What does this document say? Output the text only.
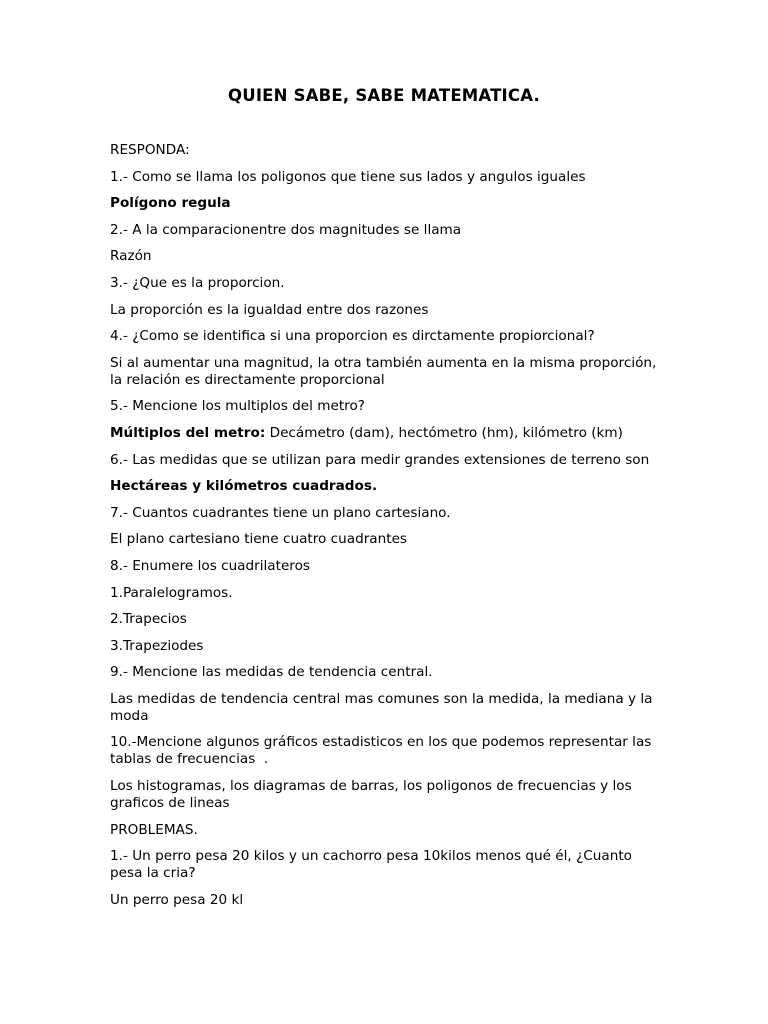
QUIEN SABE, SABE MATEMATICA.

RESPONDA:

1.- Como se llama los poligonos que tiene sus lados y angulos iguales

Polígono regula

2.- A la comparacionentre dos magnitudes se llama

Razón

3.- ¿Que es la proporcion.

La proporción es la igualdad entre dos razones

4.- ¿Como se identifica si una proporcion es dirctamente propiorcional?

Si al aumentar una magnitud, la otra también aumenta en la misma proporción, la relación es directamente proporcional

5.- Mencione los multiplos del metro?

Múltiplos del metro: Decámetro (dam), hectómetro (hm), kilómetro (km)

6.- Las medidas que se utilizan para medir grandes extensiones de terreno son

Hectáreas y kilómetros cuadrados.

7.- Cuantos cuadrantes tiene un plano cartesiano.

El plano cartesiano tiene cuatro cuadrantes

8.- Enumere los cuadrilateros

1.Paralelogramos.

2.Trapecios

3.Trapeziodes

9.- Mencione las medidas de tendencia central.

Las medidas de tendencia central mas comunes son la medida, la mediana y la moda

10.-Mencione algunos gráficos estadisticos en los que podemos representar las tablas de frecuencias  .

Los histogramas, los diagramas de barras, los poligonos de frecuencias y los graficos de lineas

PROBLEMAS.

1.- Un perro pesa 20 kilos y un cachorro pesa 10kilos menos qué él, ¿Cuanto pesa la cria?

Un perro pesa 20 kl
